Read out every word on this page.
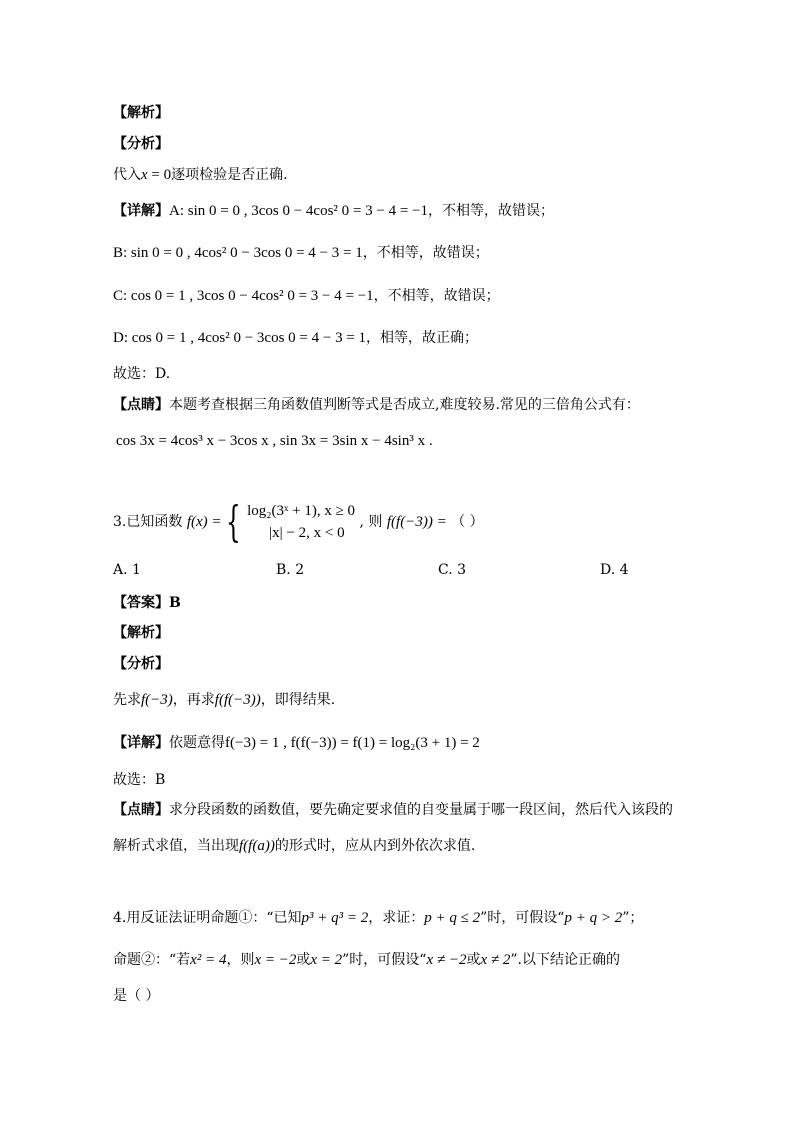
【解析】
【分析】
代入x = 0逐项检验是否正确.
【详解】A: sin 0 = 0 , 3cos 0 − 4cos² 0 = 3 − 4 = −1，不相等，故错误；
B: sin 0 = 0 , 4cos² 0 − 3cos 0 = 4 − 3 = 1，不相等，故错误；
C: cos 0 = 1 , 3cos 0 − 4cos² 0 = 3 − 4 = −1，不相等，故错误；
D: cos 0 = 1 , 4cos² 0 − 3cos 0 = 4 − 3 = 1，相等，故正确；
故选：D.
【点睛】本题考查根据三角函数值判断等式是否成立,难度较易.常见的三倍角公式有：
cos 3x = 4cos³ x − 3cos x , sin 3x = 3sin x − 4sin³ x .
3.已知函数 f(x) = { log₂(3ˣ + 1), x ≥ 0
|x| − 2, x < 0
, 则 f(f(−3)) = （ ）
A. 1	B. 2	C. 3	D. 4
【答案】B
【解析】
【分析】
先求f(−3)，再求f(f(−3))，即得结果.
【详解】依题意得f(−3) = 1 , f(f(−3)) = f(1) = log₂(3 + 1) = 2
故选：B
【点睛】求分段函数的函数值，要先确定要求值的自变量属于哪一段区间，然后代入该段的
解析式求值，当出现f(f(a))的形式时，应从内到外依次求值.
4.用反证法证明命题①：“已知p³ + q³ = 2，求证：p + q ≤ 2”时，可假设“p + q > 2”；
命题②：“若x² = 4，则x = −2或x = 2”时，可假设“x ≠ −2或x ≠ 2”.以下结论正确的
是（ ）
